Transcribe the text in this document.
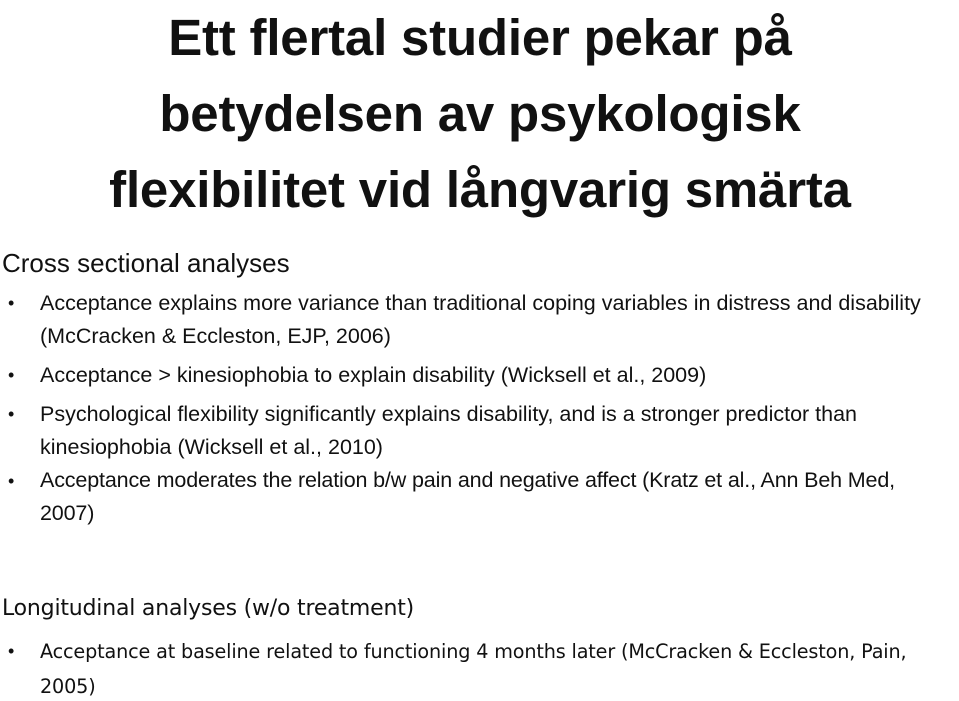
Ett flertal studier pekar på
betydelsen av psykologisk
flexibilitet vid långvarig smärta
Cross sectional analyses
• Acceptance explains more variance than traditional coping variables in distress and disability (McCracken & Eccleston, EJP, 2006)
• Acceptance > kinesiophobia to explain disability (Wicksell et al., 2009)
• Psychological flexibility significantly explains disability, and is a stronger predictor than kinesiophobia (Wicksell et al., 2010)
• Acceptance moderates the relation b/w pain and negative affect (Kratz et al., Ann Beh Med, 2007)
Longitudinal analyses (w/o treatment)
• Acceptance at baseline related to functioning 4 months later (McCracken & Eccleston, Pain, 2005)
